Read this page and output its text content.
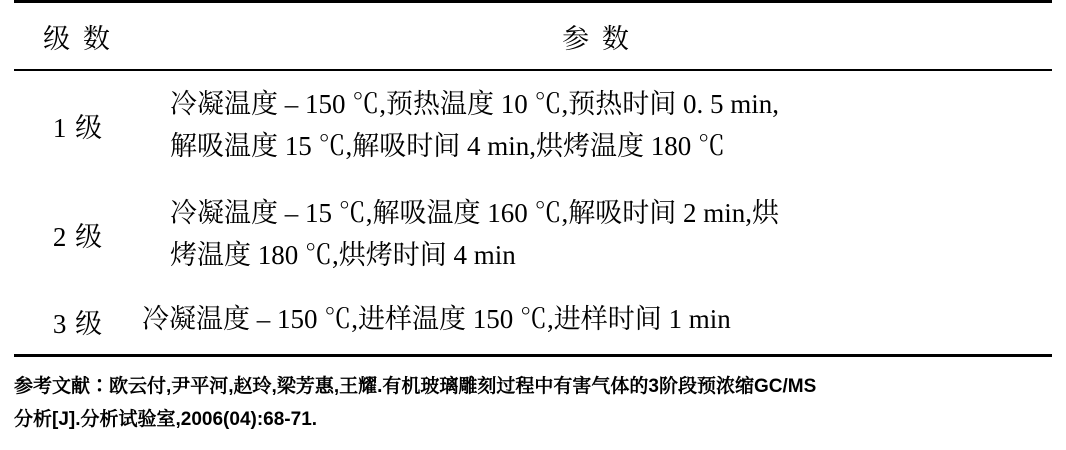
级 数	参 数
1 级	冷凝温度 – 150 ℃,预热温度 10 ℃,预热时间 0. 5 min,
解吸温度 15 ℃,解吸时间 4 min,烘烤温度 180 ℃

2 级	冷凝温度 – 15 ℃,解吸温度 160 ℃,解吸时间 2 min,烘
烤温度 180 ℃,烘烤时间 4 min

3 级	冷凝温度 – 150 ℃,进样温度 150 ℃,进样时间 1 min

参考文献∶欧云付,尹平河,赵玲,梁芳惠,王耀.有机玻璃雕刻过程中有害气体的3阶段预浓缩GC/MS
分析[J].分析试验室,2006(04):68-71.
